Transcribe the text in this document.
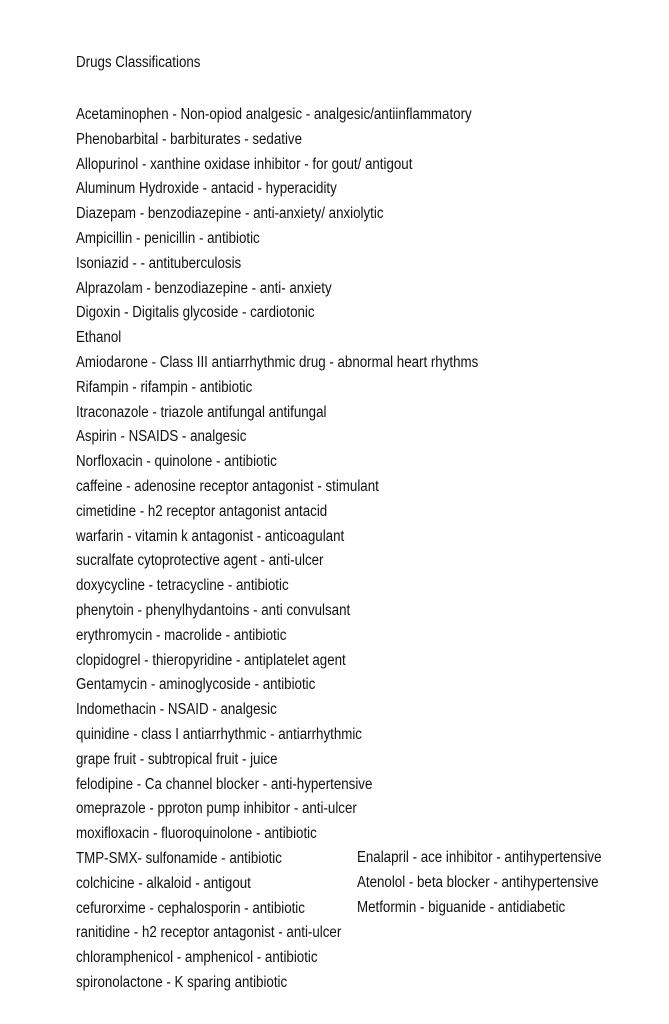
Drugs Classifications
Acetaminophen - Non-opiod analgesic - analgesic/antiinflammatory
Phenobarbital - barbiturates - sedative
Allopurinol - xanthine oxidase inhibitor - for gout/ antigout
Aluminum Hydroxide - antacid - hyperacidity
Diazepam - benzodiazepine - anti-anxiety/ anxiolytic
Ampicillin - penicillin - antibiotic
Isoniazid - - antituberculosis
Alprazolam - benzodiazepine - anti- anxiety
Digoxin - Digitalis glycoside - cardiotonic
Ethanol
Amiodarone - Class III antiarrhythmic drug - abnormal heart rhythms
Rifampin - rifampin - antibiotic
Itraconazole - triazole antifungal antifungal
Aspirin - NSAIDS - analgesic
Norfloxacin - quinolone - antibiotic
caffeine - adenosine receptor antagonist - stimulant
cimetidine - h2 receptor antagonist antacid
warfarin - vitamin k antagonist - anticoagulant
sucralfate cytoprotective agent - anti-ulcer
doxycycline - tetracycline - antibiotic
phenytoin - phenylhydantoins - anti convulsant
erythromycin - macrolide - antibiotic
clopidogrel - thieropyridine - antiplatelet agent
Gentamycin - aminoglycoside - antibiotic
Indomethacin - NSAID - analgesic
quinidine - class I antiarrhythmic - antiarrhythmic
grape fruit - subtropical fruit - juice
felodipine - Ca channel blocker - anti-hypertensive
omeprazole - pproton pump inhibitor - anti-ulcer
moxifloxacin - fluoroquinolone - antibiotic
TMP-SMX- sulfonamide - antibiotic
colchicine - alkaloid - antigout
cefurorxime - cephalosporin - antibiotic
ranitidine - h2 receptor antagonist - anti-ulcer
chloramphenicol - amphenicol - antibiotic
spironolactone - K sparing antibiotic
Enalapril - ace inhibitor - antihypertensive
Atenolol - beta blocker - antihypertensive
Metformin - biguanide - antidiabetic
